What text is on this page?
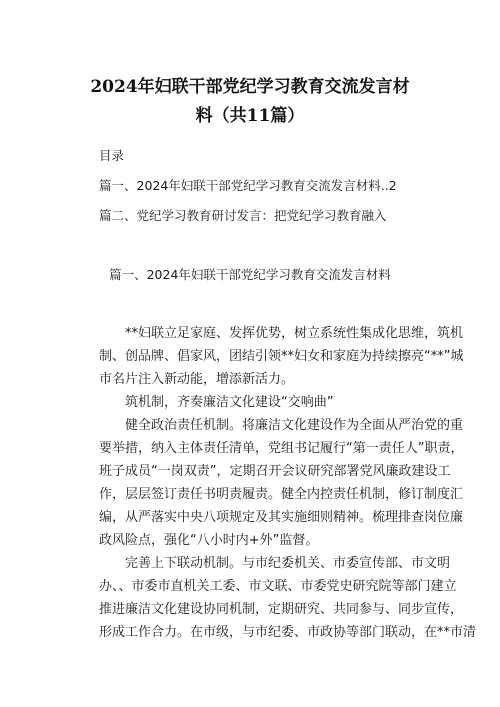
2024年妇联干部党纪学习教育交流发言材
料（共11篇）
目录
篇一、2024年妇联干部党纪学习教育交流发言材料..2
篇二、党纪学习教育研讨发言：把党纪学习教育融入
篇一、2024年妇联干部党纪学习教育交流发言材料
　　**妇联立足家庭、发挥优势，树立系统性集成化思维，筑机
制、创品牌、倡家风，团结引领**妇女和家庭为持续擦亮“**”城
市名片注入新动能，增添新活力。
　　筑机制，齐奏廉洁文化建设“交响曲”
　　健全政治责任机制。将廉洁文化建设作为全面从严治党的重
要举措，纳入主体责任清单，党组书记履行“第一责任人”职责，
班子成员“一岗双责”，定期召开会议研究部署党风廉政建设工
作，层层签订责任书明责履责。健全内控责任机制，修订制度汇
编，从严落实中央八项规定及其实施细则精神。梳理排查岗位廉
政风险点，强化“八小时内+外”监督。
　　完善上下联动机制。与市纪委机关、市委宣传部、市文明
办、、市委市直机关工委、市文联、市委党史研究院等部门建立
推进廉洁文化建设协同机制，定期研究、共同参与、同步宣传，
形成工作合力。在市级，与市纪委、市政协等部门联动，在**市清
